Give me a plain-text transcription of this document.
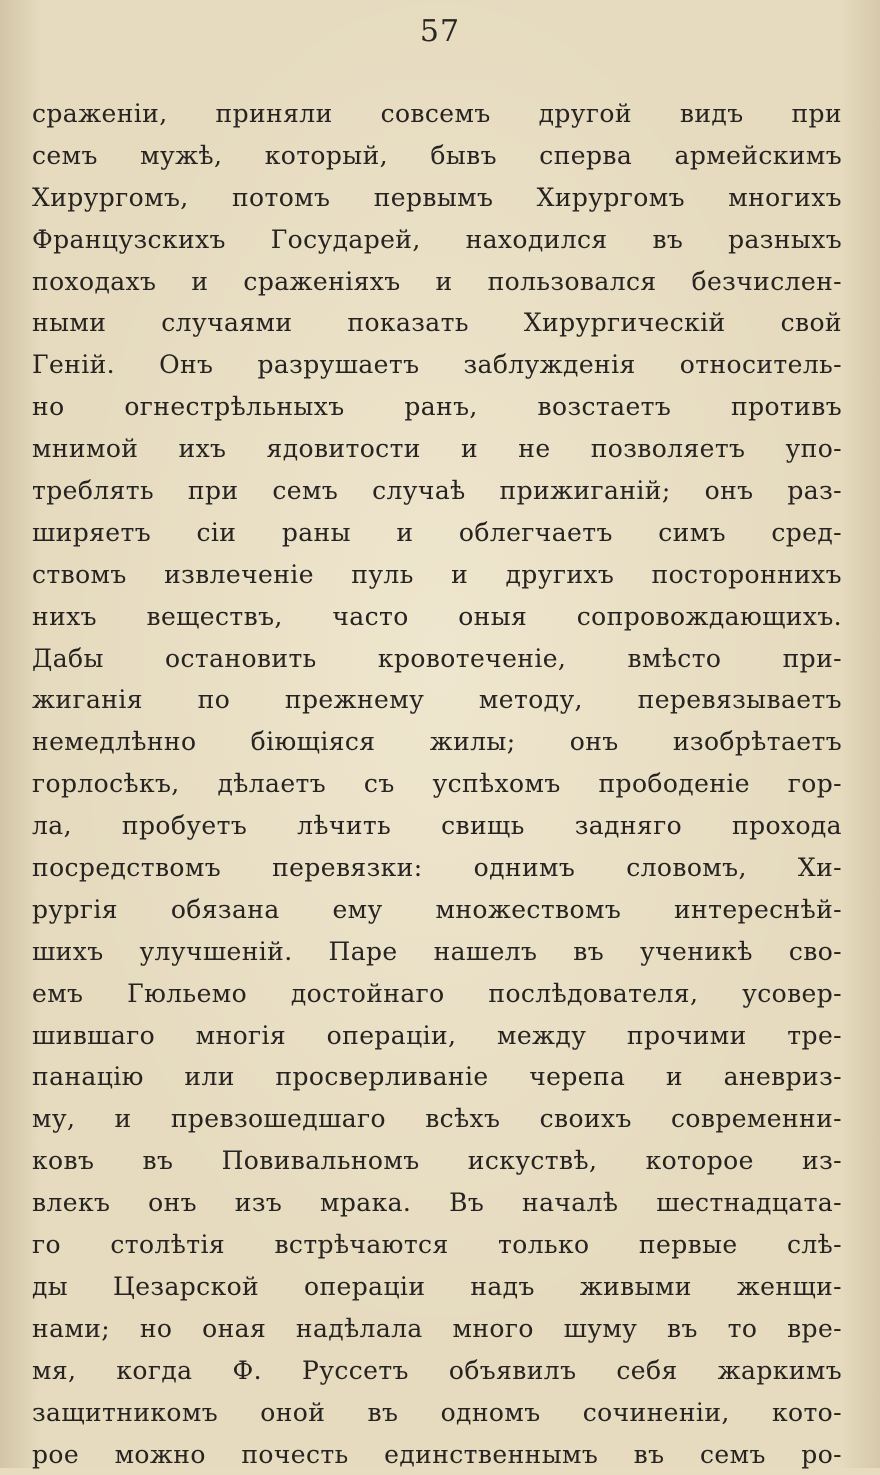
57
сраженіи, приняли совсемъ другой видъ при
семъ мужѣ, который, бывъ сперва армейскимъ
Хирургомъ, потомъ первымъ Хирургомъ многихъ
Французскихъ Государей, находился въ разныхъ
походахъ и сраженіяхъ и пользовался безчислен-
ными случаями показать Хирургическій свой
Геній. Онъ разрушаетъ заблужденія относитель-
но огнестрѣльныхъ ранъ, возстаетъ противъ
мнимой ихъ ядовитости и не позволяетъ упо-
треблять при семъ случаѣ прижиганій; онъ раз-
ширяетъ сіи раны и облегчаетъ симъ сред-
ствомъ извлеченіе пуль и другихъ постороннихъ
нихъ веществъ, часто оныя сопровождающихъ.
Дабы остановить кровотеченіе, вмѣсто при-
жиганія по прежнему методу, перевязываетъ
немедлѣнно біющіяся жилы; онъ изобрѣтаетъ
горлосѣкъ, дѣлаетъ съ успѣхомъ прободеніе гор-
ла, пробуетъ лѣчить свищь задняго прохода
посредствомъ перевязки: однимъ словомъ, Хи-
рургія обязана ему множествомъ интереснѣй-
шихъ улучшеній. Паре нашелъ въ ученикѣ сво-
емъ Гюльемо достойнаго послѣдователя, усовер-
шившаго многія операціи, между прочими тре-
панацію или просверливаніе черепа и аневриз-
му, и превзошедшаго всѣхъ своихъ современни-
ковъ въ Повивальномъ искуствѣ, которое из-
влекъ онъ изъ мрака. Въ началѣ шестнадцата-
го столѣтія встрѣчаются только первые слѣ-
ды Цезарской операціи надъ живыми женщи-
нами; но оная надѣлала много шуму въ то вре-
мя, когда Ф. Руссетъ объявилъ себя жаркимъ
защитникомъ оной въ одномъ сочиненіи, кото-
рое можно почесть единственнымъ въ семъ ро-
